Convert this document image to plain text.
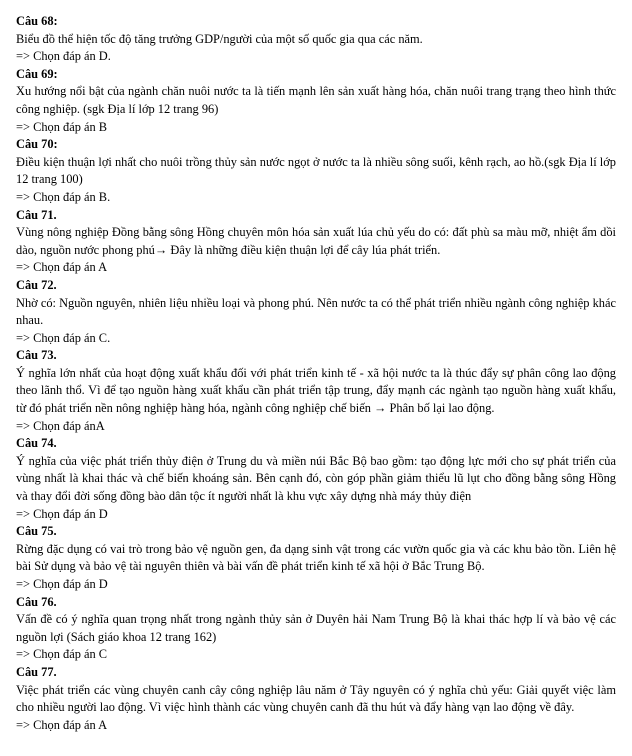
Câu 68:

Biểu đồ thể hiện tốc độ tăng trưởng GDP/người của một số quốc gia qua các năm.

=> Chọn đáp án D.

Câu 69:

Xu hướng nổi bật của ngành chăn nuôi nước ta là tiến mạnh lên sản xuất hàng hóa, chăn nuôi trang trạng theo hình thức công nghiệp. (sgk Địa lí lớp 12 trang 96)

=> Chọn đáp án B

Câu 70:

Điều kiện thuận lợi nhất cho nuôi trồng thủy sản nước ngọt ở nước ta là nhiều sông suối, kênh rạch, ao hồ.(sgk Địa lí lớp 12 trang 100)

=> Chọn đáp án B.

Câu 71.

Vùng nông nghiệp Đồng bằng sông Hồng chuyên môn hóa sản xuất lúa chủ yếu do có: đất phù sa màu mỡ, nhiệt ẩm dồi dào, nguồn nước phong phú→ Đây là những điều kiện thuận lợi để cây lúa phát triển.

=> Chọn đáp án A

Câu 72.

Nhờ có: Nguồn nguyên, nhiên liệu nhiều loại và phong phú. Nên nước ta có thể phát triển nhiều ngành công nghiệp khác nhau.

=> Chọn đáp án C.

Câu 73.

Ý nghĩa lớn nhất của hoạt động xuất khẩu đối với phát triển kinh tế - xã hội nước ta là thúc đẩy sự phân công lao động theo lãnh thổ. Vì để tạo nguồn hàng xuất khẩu cần phát triển tập trung, đẩy mạnh các ngành tạo nguồn hàng xuất khẩu, từ đó phát triển nền nông nghiệp hàng hóa, ngành công nghiệp chế biến → Phân bố lại lao động.

=> Chọn đáp ánA

Câu 74.

Ý nghĩa của việc phát triển thủy điện ở Trung du và miền núi Bắc Bộ bao gồm: tạo động lực mới cho sự phát triển của vùng nhất là khai thác và chế biến khoáng sản. Bên cạnh đó, còn góp phần giảm thiểu lũ lụt cho đồng bằng sông Hồng và thay đổi đời sống đồng bào dân tộc ít người nhất là khu vực xây dựng nhà máy thủy điện

=> Chọn đáp án D

Câu 75.

Rừng đặc dụng có vai trò trong bảo vệ nguồn gen, đa dạng sinh vật trong các vườn quốc gia và các khu bảo tồn. Liên hệ bài Sử dụng và bảo vệ tài nguyên thiên và bài vấn đề phát triển kinh tế xã hội ở Bắc Trung Bộ.

=> Chọn đáp án D

Câu 76.

Vấn đề có ý nghĩa quan trọng nhất trong ngành thủy sản ở Duyên hải Nam Trung Bộ là khai thác hợp lí và bảo vệ các nguồn lợi (Sách giáo khoa 12 trang 162)

=> Chọn đáp án C

Câu 77.

Việc phát triển các vùng chuyên canh cây công nghiệp lâu năm ở Tây nguyên có ý nghĩa chủ yếu: Giải quyết việc làm cho nhiều người lao động. Vì việc hình thành các vùng chuyên canh đã thu hút và đẩy hàng vạn lao động về đây.

=> Chọn đáp án A
